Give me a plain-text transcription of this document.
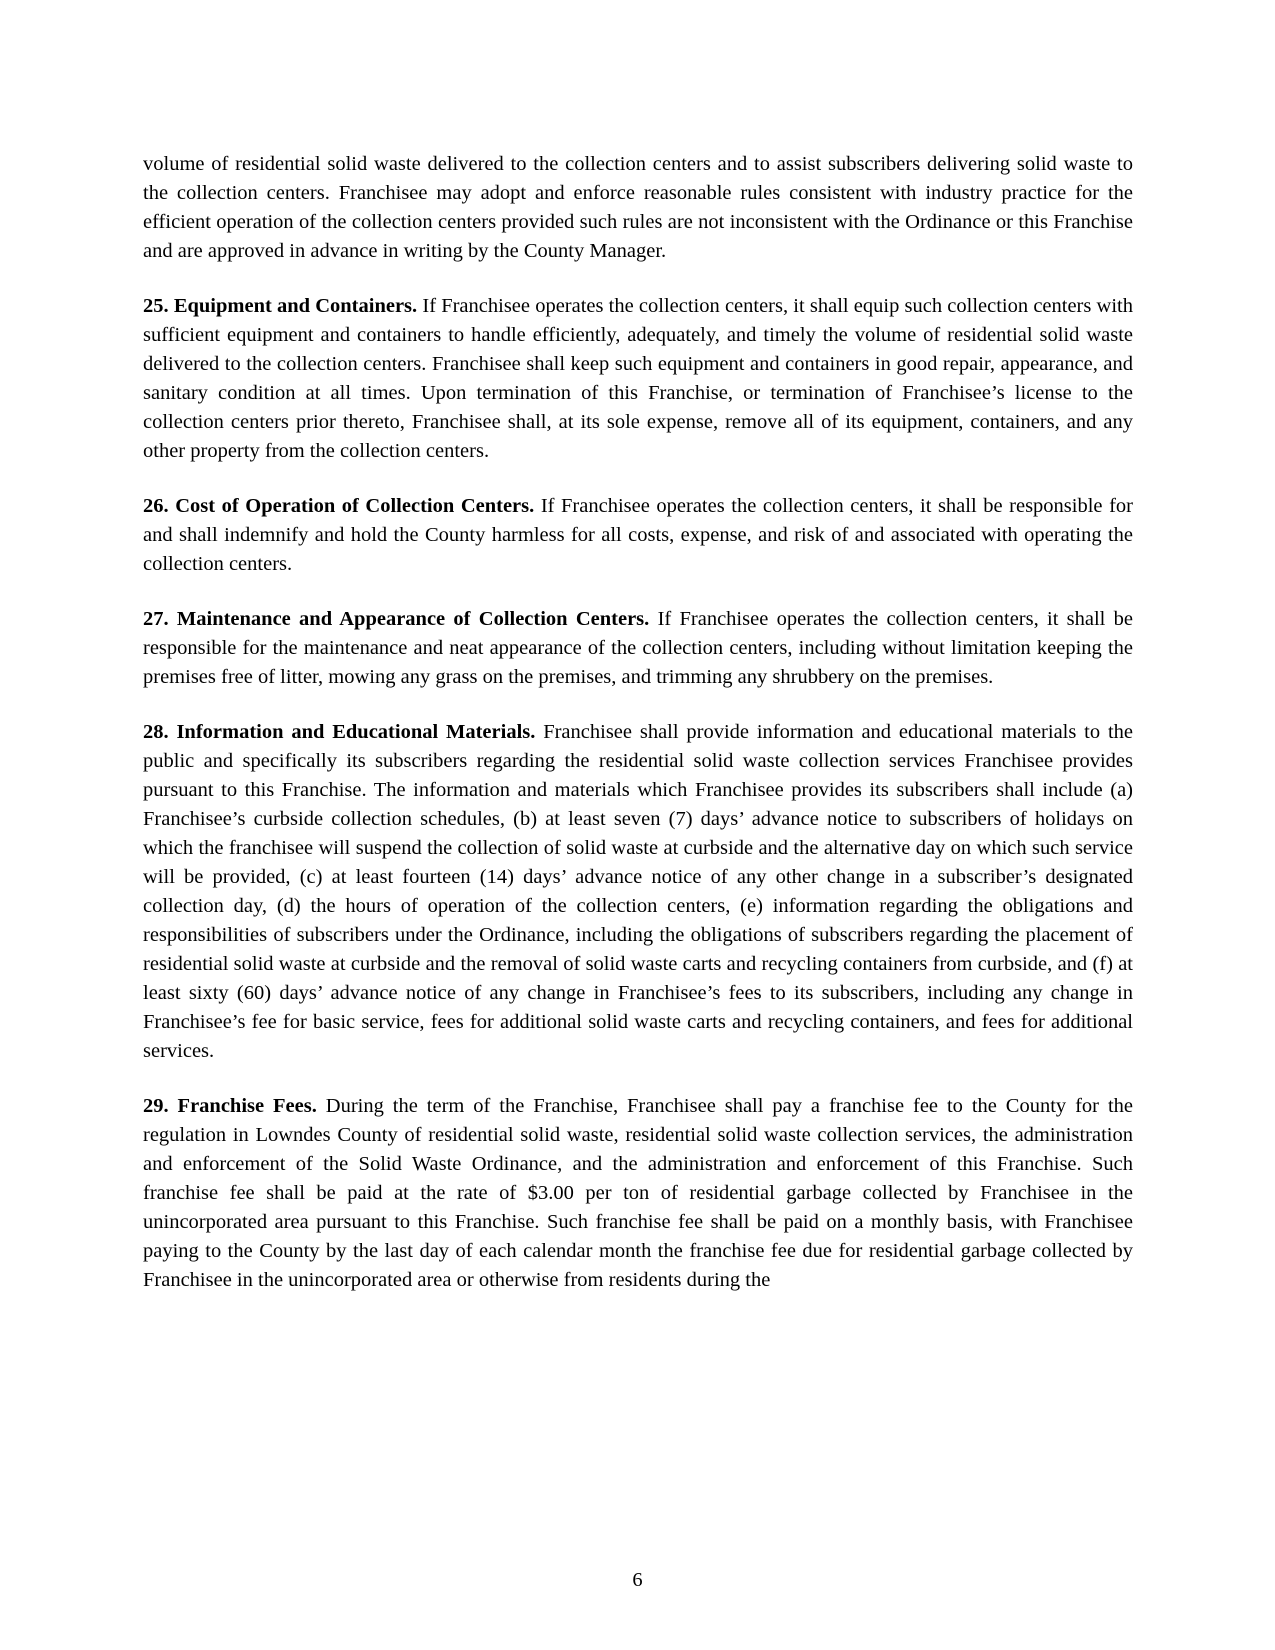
volume of residential solid waste delivered to the collection centers and to assist subscribers delivering solid waste to the collection centers. Franchisee may adopt and enforce reasonable rules consistent with industry practice for the efficient operation of the collection centers provided such rules are not inconsistent with the Ordinance or this Franchise and are approved in advance in writing by the County Manager.

25. Equipment and Containers. If Franchisee operates the collection centers, it shall equip such collection centers with sufficient equipment and containers to handle efficiently, adequately, and timely the volume of residential solid waste delivered to the collection centers. Franchisee shall keep such equipment and containers in good repair, appearance, and sanitary condition at all times. Upon termination of this Franchise, or termination of Franchisee’s license to the collection centers prior thereto, Franchisee shall, at its sole expense, remove all of its equipment, containers, and any other property from the collection centers.

26. Cost of Operation of Collection Centers. If Franchisee operates the collection centers, it shall be responsible for and shall indemnify and hold the County harmless for all costs, expense, and risk of and associated with operating the collection centers.

27. Maintenance and Appearance of Collection Centers. If Franchisee operates the collection centers, it shall be responsible for the maintenance and neat appearance of the collection centers, including without limitation keeping the premises free of litter, mowing any grass on the premises, and trimming any shrubbery on the premises.

28. Information and Educational Materials. Franchisee shall provide information and educational materials to the public and specifically its subscribers regarding the residential solid waste collection services Franchisee provides pursuant to this Franchise. The information and materials which Franchisee provides its subscribers shall include (a) Franchisee’s curbside collection schedules, (b) at least seven (7) days’ advance notice to subscribers of holidays on which the franchisee will suspend the collection of solid waste at curbside and the alternative day on which such service will be provided, (c) at least fourteen (14) days’ advance notice of any other change in a subscriber’s designated collection day, (d) the hours of operation of the collection centers, (e) information regarding the obligations and responsibilities of subscribers under the Ordinance, including the obligations of subscribers regarding the placement of residential solid waste at curbside and the removal of solid waste carts and recycling containers from curbside, and (f) at least sixty (60) days’ advance notice of any change in Franchisee’s fees to its subscribers, including any change in Franchisee’s fee for basic service, fees for additional solid waste carts and recycling containers, and fees for additional services.

29. Franchise Fees. During the term of the Franchise, Franchisee shall pay a franchise fee to the County for the regulation in Lowndes County of residential solid waste, residential solid waste collection services, the administration and enforcement of the Solid Waste Ordinance, and the administration and enforcement of this Franchise. Such franchise fee shall be paid at the rate of $3.00 per ton of residential garbage collected by Franchisee in the unincorporated area pursuant to this Franchise. Such franchise fee shall be paid on a monthly basis, with Franchisee paying to the County by the last day of each calendar month the franchise fee due for residential garbage collected by Franchisee in the unincorporated area or otherwise from residents during the

6
